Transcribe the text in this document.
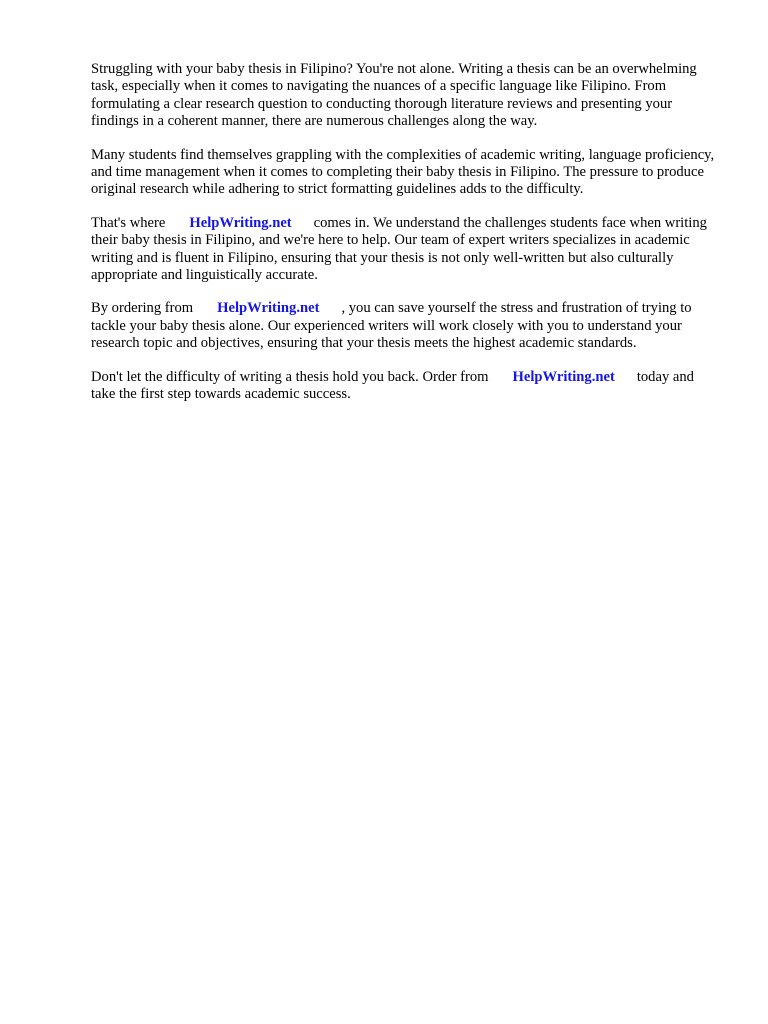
Struggling with your baby thesis in Filipino? You're not alone. Writing a thesis can be an overwhelming task, especially when it comes to navigating the nuances of a specific language like Filipino. From formulating a clear research question to conducting thorough literature reviews and presenting your findings in a coherent manner, there are numerous challenges along the way.

Many students find themselves grappling with the complexities of academic writing, language proficiency, and time management when it comes to completing their baby thesis in Filipino. The pressure to produce original research while adhering to strict formatting guidelines adds to the difficulty.

That's where HelpWriting.net comes in. We understand the challenges students face when writing their baby thesis in Filipino, and we're here to help. Our team of expert writers specializes in academic writing and is fluent in Filipino, ensuring that your thesis is not only well-written but also culturally appropriate and linguistically accurate.

By ordering from HelpWriting.net , you can save yourself the stress and frustration of trying to tackle your baby thesis alone. Our experienced writers will work closely with you to understand your research topic and objectives, ensuring that your thesis meets the highest academic standards.

Don't let the difficulty of writing a thesis hold you back. Order from HelpWriting.net today and take the first step towards academic success.
